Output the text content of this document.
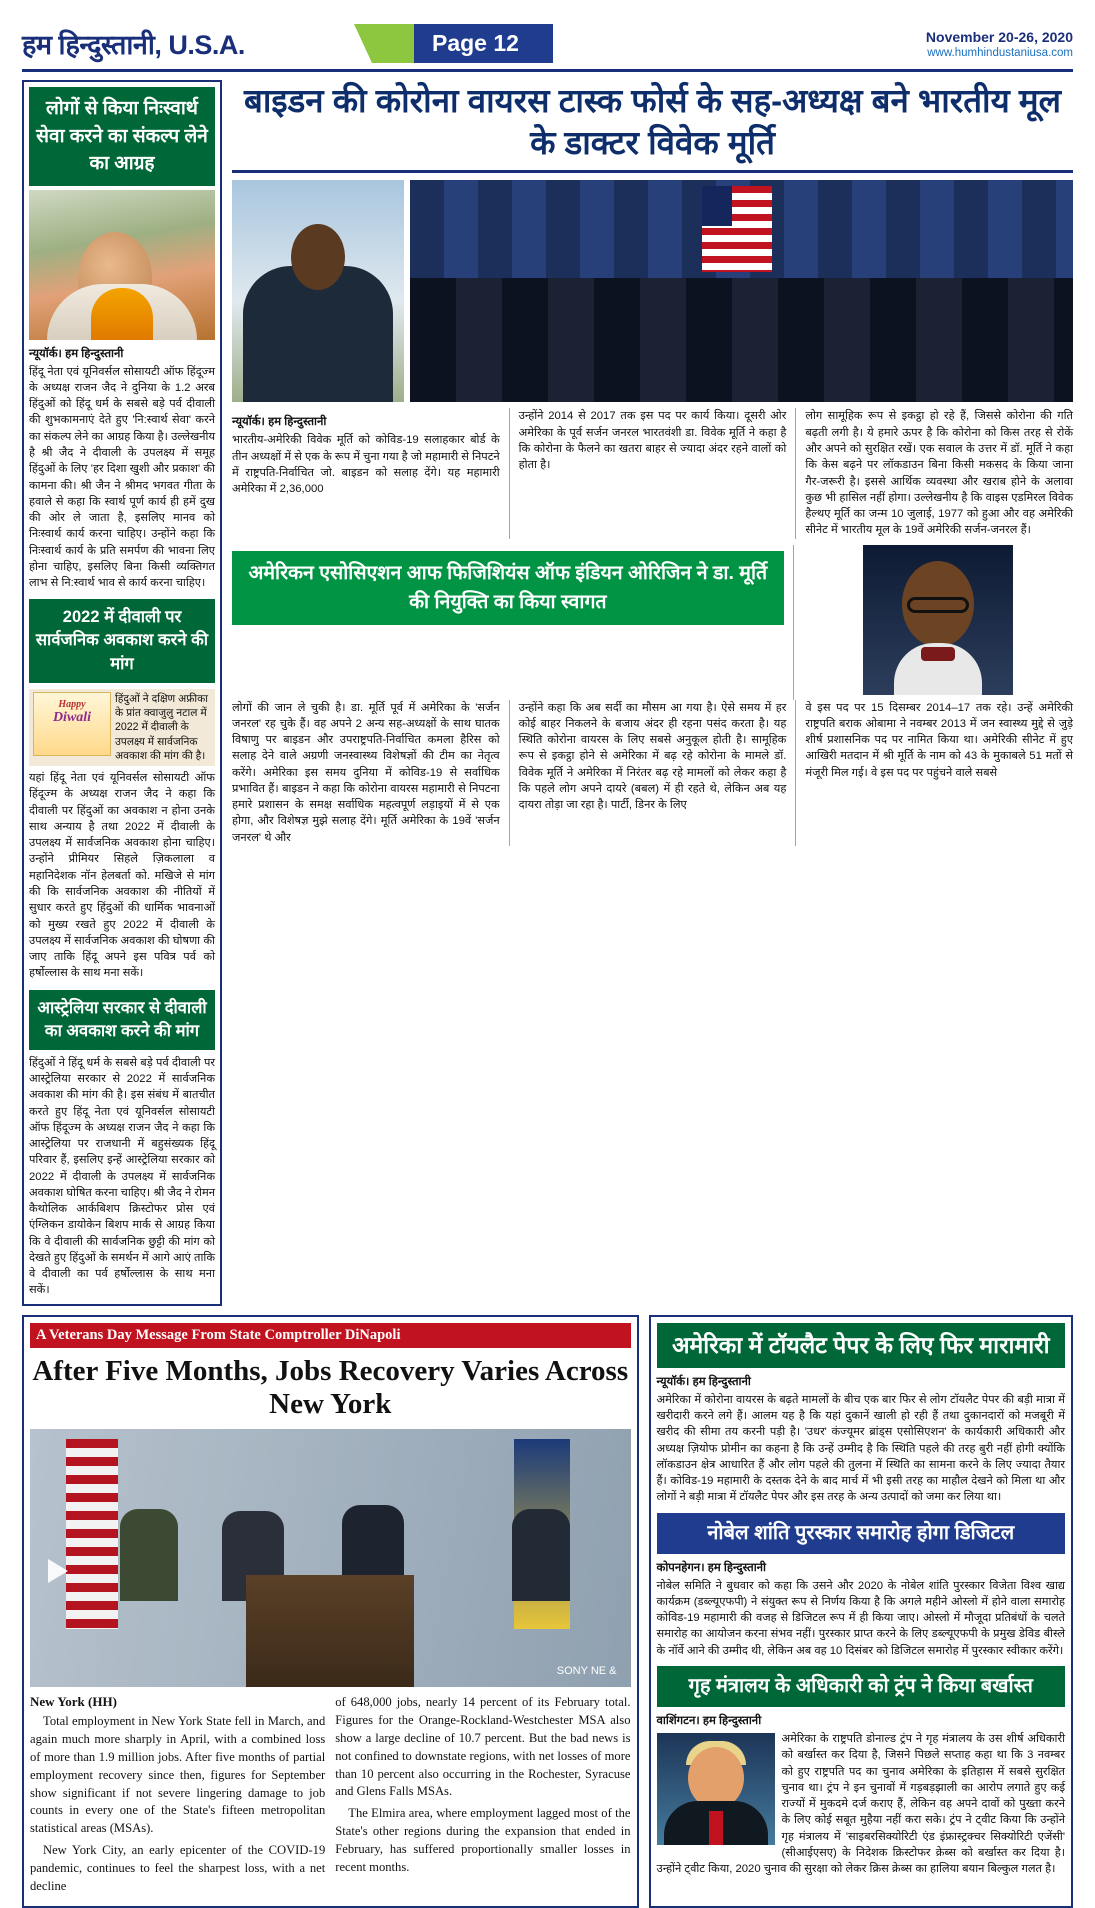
हम हिन्दुस्तानी, U.S.A.	Page 12	November 20-26, 2020
www.humhindustaniusa.com
लोगों से किया निःस्वार्थ सेवा करने का संकल्प लेने का आग्रह
न्यूयॉर्क। हम हिन्दुस्तानी
हिंदू नेता एवं यूनिवर्सल सोसायटी ऑफ हिंदूज्म के अध्यक्ष राजन जैद ने दुनिया के 1.2 अरब हिंदुओं को हिंदू धर्म के सबसे बड़े पर्व दीवाली की शुभकामनाएं देते हुए 'नि:स्वार्थ सेवा' करने का संकल्प लेने का आग्रह किया है। उल्लेखनीय है श्री जैद ने दीवाली के उपलक्ष्य में समूह हिंदुओं के लिए 'हर दिशा खुशी और प्रकाश' की कामना की। श्री जैन ने श्रीमद भगवत गीता के हवाले से कहा कि स्वार्थ पूर्ण कार्य ही हमें दुख की ओर ले जाता है, इसलिए मानव को निःस्वार्थ कार्य करना चाहिए। उन्होंने कहा कि निःस्वार्थ कार्य के प्रति समर्पण की भावना लिए होना चाहिए, इसलिए बिना किसी व्यक्तिगत लाभ से नि:स्वार्थ भाव से कार्य करना चाहिए।
2022 में दीवाली पर सार्वजनिक अवकाश करने की मांग
Happy
Diwali
हिंदुओं ने दक्षिण अफ्रीका के प्रांत क्वाजुलु नटाल में 2022 में दीवाली के उपलक्ष्य में सार्वजनिक अवकाश की मांग की है।
यहां हिंदू नेता एवं यूनिवर्सल सोसायटी ऑफ हिंदूज्म के अध्यक्ष राजन जैद ने कहा कि दीवाली पर हिंदुओं का अवकाश न होना उनके साथ अन्याय है तथा 2022 में दीवाली के उपलक्ष्य में सार्वजनिक अवकाश होना चाहिए। उन्होंने प्रीमियर सिहले ज़िकलाला व महानिदेशक नॉन हेलबर्ता को. मखिजे से मांग की कि सार्वजनिक अवकाश की नीतियों में सुधार करते हुए हिंदुओं की धार्मिक भावनाओं को मुख्य रखते हुए 2022 में दीवाली के उपलक्ष्य में सार्वजनिक अवकाश की घोषणा की जाए ताकि हिंदू अपने इस पवित्र पर्व को हर्षोल्लास के साथ मना सकें।
आस्ट्रेलिया सरकार से दीवाली का अवकाश करने की मांग
हिंदुओं ने हिंदू धर्म के सबसे बड़े पर्व दीवाली पर आस्ट्रेलिया सरकार से 2022 में सार्वजनिक अवकाश की मांग की है। इस संबंध में बातचीत करते हुए हिंदू नेता एवं यूनिवर्सल सोसायटी ऑफ हिंदूज्म के अध्यक्ष राजन जैद ने कहा कि आस्ट्रेलिया पर राजधानी में बहुसंख्यक हिंदू परिवार हैं, इसलिए इन्हें आस्ट्रेलिया सरकार को 2022 में दीवाली के उपलक्ष्य में सार्वजनिक अवकाश घोषित करना चाहिए। श्री जैद ने रोमन कैथोलिक आर्कबिशप क्रिस्टोफर प्रोस एवं एंग्लिकन डायोकेन बिशप मार्क से आग्रह किया कि वे दीवाली की सार्वजनिक छुट्टी की मांग को देखते हुए हिंदुओं के समर्थन में आगे आएं ताकि वे दीवाली का पर्व हर्षोल्लास के साथ मना सकें।
बाइडन की कोरोना वायरस टास्क फोर्स के सह-अध्यक्ष बने भारतीय मूल के डाक्टर विवेक मूर्ति
न्यूयॉर्क। हम हिन्दुस्तानी
भारतीय-अमेरिकी विवेक मूर्ति को कोविड-19 सलाहकार बोर्ड के तीन अध्यक्षों में से एक के रूप में चुना गया है जो महामारी से निपटने में राष्ट्रपति-निर्वाचित जो. बाइडन को सलाह देंगे। यह महामारी अमेरिका में 2,36,000
उन्होंने 2014 से 2017 तक इस पद पर कार्य किया। दूसरी ओर अमेरिका के पूर्व सर्जन जनरल भारतवंशी डा. विवेक मूर्ति ने कहा है कि कोरोना के फैलने का खतरा बाहर से ज्यादा अंदर रहने वालों को होता है।
लोग सामूहिक रूप से इकट्ठा हो रहे हैं, जिससे कोरोना की गति बढ़ती लगी है। ये हमारे ऊपर है कि कोरोना को किस तरह से रोकें और अपने को सुरक्षित रखें। एक सवाल के उत्तर में डॉ. मूर्ति ने कहा कि केस बढ़ने पर लॉकडाउन बिना किसी मकसद के किया जाना गैर-जरूरी है। इससे आर्थिक व्यवस्था और खराब होने के अलावा कुछ भी हासिल नहीं होगा। उल्लेखनीय है कि वाइस एडमिरल विवेक हैल्थए मूर्ति का जन्म 10 जुलाई, 1977 को हुआ और वह अमेरिकी सीनेट में भारतीय मूल के 19वें अमेरिकी सर्जन-जनरल हैं।
अमेरिकन एसोसिएशन आफ फिजिशियंस ऑफ इंडियन ओरिजिन ने डा. मूर्ति की नियुक्ति का किया स्वागत
लोगों की जान ले चुकी है। डा. मूर्ति पूर्व में अमेरिका के 'सर्जन जनरल' रह चुके हैं। वह अपने 2 अन्य सह-अध्यक्षों के साथ घातक विषाणु पर बाइडन और उपराष्ट्रपति-निर्वाचित कमला हैरिस को सलाह देने वाले अग्रणी जनस्वास्थ्य विशेषज्ञों की टीम का नेतृत्व करेंगे। अमेरिका इस समय दुनिया में कोविड-19 से सर्वाधिक प्रभावित हैं। बाइडन ने कहा कि कोरोना वायरस महामारी से निपटना हमारे प्रशासन के समक्ष सर्वाधिक महत्वपूर्ण लड़ाइयों में से एक होगा, और विशेषज्ञ मुझे सलाह देंगे। मूर्ति अमेरिका के 19वें 'सर्जन जनरल' थे और
उन्होंने कहा कि अब सर्दी का मौसम आ गया है। ऐसे समय में हर कोई बाहर निकलने के बजाय अंदर ही रहना पसंद करता है। यह स्थिति कोरोना वायरस के लिए सबसे अनुकूल होती है। सामूहिक रूप से इकट्ठा होने से अमेरिका में बढ़ रहे कोरोना के मामले डॉ. विवेक मूर्ति ने अमेरिका में निरंतर बढ़ रहे मामलों को लेकर कहा है कि पहले लोग अपने दायरे (बबल) में ही रहते थे, लेकिन अब यह दायरा तोड़ा जा रहा है। पार्टी, डिनर के लिए
वे इस पद पर 15 दिसम्बर 2014–17 तक रहे। उन्हें अमेरिकी राष्ट्रपति बराक ओबामा ने नवम्बर 2013 में जन स्वास्थ्य मुद्दे से जुड़े शीर्ष प्रशासनिक पद पर नामित किया था। अमेरिकी सीनेट में हुए आखिरी मतदान में श्री मूर्ति के नाम को 43 के मुकाबले 51 मतों से मंजूरी मिल गई। वे इस पद पर पहुंचने वाले सबसे
A Veterans Day Message From State Comptroller DiNapoli
After Five Months, Jobs Recovery Varies Across New York
SONY NE &
New York (HH)

Total employment in New York State fell in March, and again much more sharply in April, with a combined loss of more than 1.9 million jobs. After five months of partial employment recovery since then, figures for September show significant if not severe lingering damage to job counts in every one of the State's fifteen metropolitan statistical areas (MSAs).

New York City, an early epicenter of the COVID-19 pandemic, continues to feel the sharpest loss, with a net decline

of 648,000 jobs, nearly 14 percent of its February total. Figures for the Orange-Rockland-Westchester MSA also show a large decline of 10.7 percent. But the bad news is not confined to downstate regions, with net losses of more than 10 percent also occurring in the Rochester, Syracuse and Glens Falls MSAs.

The Elmira area, where employment lagged most of the State's other regions during the expansion that ended in February, has suffered proportionally smaller losses in recent months.

अमेरिका में टॉयलैट पेपर के लिए फिर मारामारी
न्यूयॉर्क। हम हिन्दुस्तानी
अमेरिका में कोरोना वायरस के बढ़ते मामलों के बीच एक बार फिर से लोग टॉयलैट पेपर की बड़ी मात्रा में खरीदारी करने लगे हैं। आलम यह है कि यहां दुकानें खाली हो रही हैं तथा दुकानदारों को मजबूरी में खरीद की सीमा तय करनी पड़ी है। 'उधर' कंज्यूमर ब्रांड्स एसोसिएशन' के कार्यकारी अधिकारी और अध्यक्ष ज़ियोफ प्रोमीन का कहना है कि उन्हें उम्मीद है कि स्थिति पहले की तरह बुरी नहीं होगी क्योंकि लॉकडाउन क्षेत्र आधारित हैं और लोग पहले की तुलना में स्थिति का सामना करने के लिए ज्यादा तैयार हैं। कोविड-19 महामारी के दस्तक देने के बाद मार्च में भी इसी तरह का माहौल देखने को मिला था और लोगों ने बड़ी मात्रा में टॉयलैट पेपर और इस तरह के अन्य उत्पादों को जमा कर लिया था।
नोबेल शांति पुरस्कार समारोह होगा डिजिटल
कोपनहेगन। हम हिन्दुस्तानी
नोबेल समिति ने बुधवार को कहा कि उसने और 2020 के नोबेल शांति पुरस्कार विजेता विश्व खाद्य कार्यक्रम (डब्ल्यूएफपी) ने संयुक्त रूप से निर्णय किया है कि अगले महीने ओस्लो में होने वाला समारोह कोविड-19 महामारी की वजह से डिजिटल रूप में ही किया जाए। ओस्लो में मौजूदा प्रतिबंधों के चलते समारोह का आयोजन करना संभव नहीं। पुरस्कार प्राप्त करने के लिए डब्ल्यूएफपी के प्रमुख डेविड बीस्ले के नॉर्वे आने की उम्मीद थी, लेकिन अब वह 10 दिसंबर को डिजिटल समारोह में पुरस्कार स्वीकार करेंगे।
गृह मंत्रालय के अधिकारी को ट्रंप ने किया बर्खास्त
वाशिंगटन। हम हिन्दुस्तानी
अमेरिका के राष्ट्रपति डोनाल्ड ट्रंप ने गृह मंत्रालय के उस शीर्ष अधिकारी को बर्खास्त कर दिया है, जिसने पिछले सप्ताह कहा था कि 3 नवम्बर को हुए राष्ट्रपति पद का चुनाव अमेरिका के इतिहास में सबसे सुरक्षित चुनाव था। ट्रंप ने इन चुनावों में गड़बड़झाली का आरोप लगाते हुए कई राज्यों में मुकदमे दर्ज कराए हैं, लेकिन वह अपने दावों को पुख्ता करने के लिए कोई सबूत मुहैया नहीं करा सके। ट्रंप ने ट्वीट किया कि उन्होंने गृह मंत्रालय में 'साइबरसिक्योरिटी एंड इंफ्रास्ट्रक्चर सिक्योरिटी एजेंसी' (सीआईएसए) के निदेशक क्रिस्टोफर क्रेब्स को बर्खास्त कर दिया है। उन्होंने ट्वीट किया, 2020 चुनाव की सुरक्षा को लेकर क्रिस क्रेब्स का हालिया बयान बिल्कुल गलत है।
